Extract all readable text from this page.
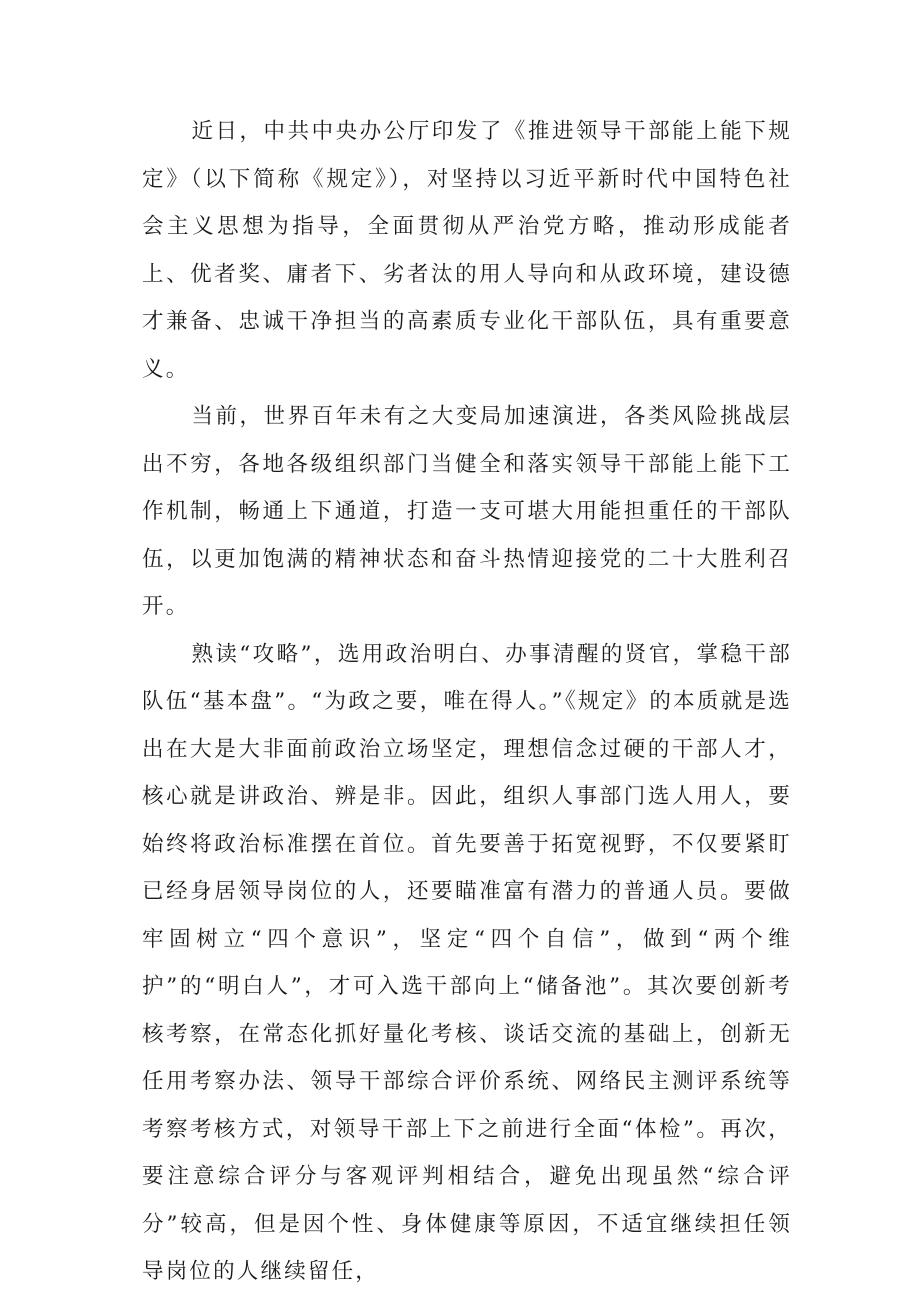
近日，中共中央办公厅印发了《推进领导干部能上能下规定》（以下简称《规定》），对坚持以习近平新时代中国特色社会主义思想为指导，全面贯彻从严治党方略，推动形成能者上、优者奖、庸者下、劣者汰的用人导向和从政环境，建设德才兼备、忠诚干净担当的高素质专业化干部队伍，具有重要意义。

当前，世界百年未有之大变局加速演进，各类风险挑战层出不穷，各地各级组织部门当健全和落实领导干部能上能下工作机制，畅通上下通道，打造一支可堪大用能担重任的干部队伍，以更加饱满的精神状态和奋斗热情迎接党的二十大胜利召开。

熟读“攻略”，选用政治明白、办事清醒的贤官，掌稳干部队伍“基本盘”。“为政之要，唯在得人。”《规定》的本质就是选出在大是大非面前政治立场坚定，理想信念过硬的干部人才，核心就是讲政治、辨是非。因此，组织人事部门选人用人，要始终将政治标准摆在首位。首先要善于拓宽视野，不仅要紧盯已经身居领导岗位的人，还要瞄准富有潜力的普通人员。要做牢固树立“四个意识”，坚定“四个自信”，做到“两个维护”的“明白人”，才可入选干部向上“储备池”。其次要创新考核考察，在常态化抓好量化考核、谈话交流的基础上，创新无任用考察办法、领导干部综合评价系统、网络民主测评系统等考察考核方式，对领导干部上下之前进行全面“体检”。再次，要注意综合评分与客观评判相结合，避免出现虽然“综合评分”较高，但是因个性、身体健康等原因，不适宜继续担任领导岗位的人继续留任，
